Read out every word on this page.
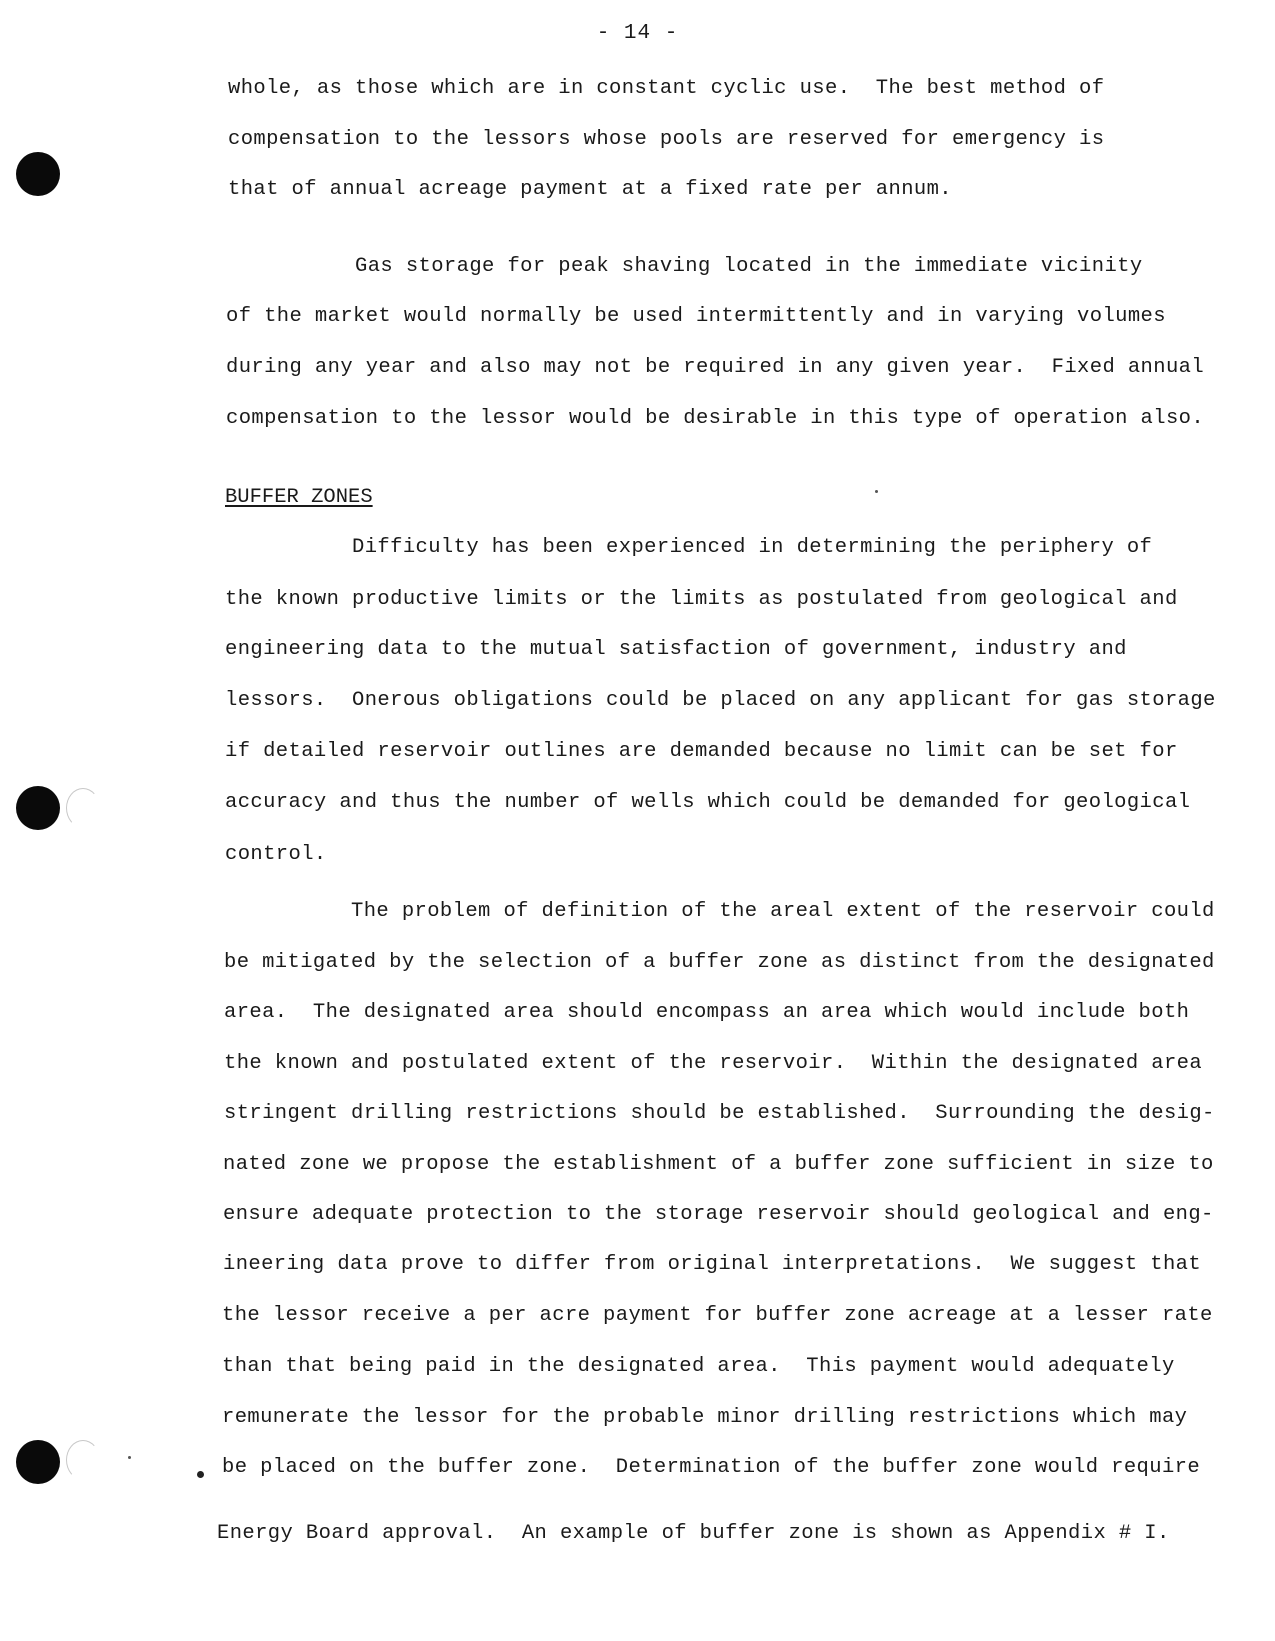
- 14 -
whole, as those which are in constant cyclic use.  The best method of
compensation to the lessors whose pools are reserved for emergency is
that of annual acreage payment at a fixed rate per annum.
Gas storage for peak shaving located in the immediate vicinity
of the market would normally be used intermittently and in varying volumes
during any year and also may not be required in any given year.  Fixed annual
compensation to the lessor would be desirable in this type of operation also.
BUFFER ZONES
Difficulty has been experienced in determining the periphery of
the known productive limits or the limits as postulated from geological and
engineering data to the mutual satisfaction of government, industry and
lessors.  Onerous obligations could be placed on any applicant for gas storage
if detailed reservoir outlines are demanded because no limit can be set for
accuracy and thus the number of wells which could be demanded for geological
control.
The problem of definition of the areal extent of the reservoir could
be mitigated by the selection of a buffer zone as distinct from the designated
area.  The designated area should encompass an area which would include both
the known and postulated extent of the reservoir.  Within the designated area
stringent drilling restrictions should be established.  Surrounding the desig-
nated zone we propose the establishment of a buffer zone sufficient in size to
ensure adequate protection to the storage reservoir should geological and eng-
ineering data prove to differ from original interpretations.  We suggest that
the lessor receive a per acre payment for buffer zone acreage at a lesser rate
than that being paid in the designated area.  This payment would adequately
remunerate the lessor for the probable minor drilling restrictions which may
be placed on the buffer zone.  Determination of the buffer zone would require
Energy Board approval.  An example of buffer zone is shown as Appendix # I.
